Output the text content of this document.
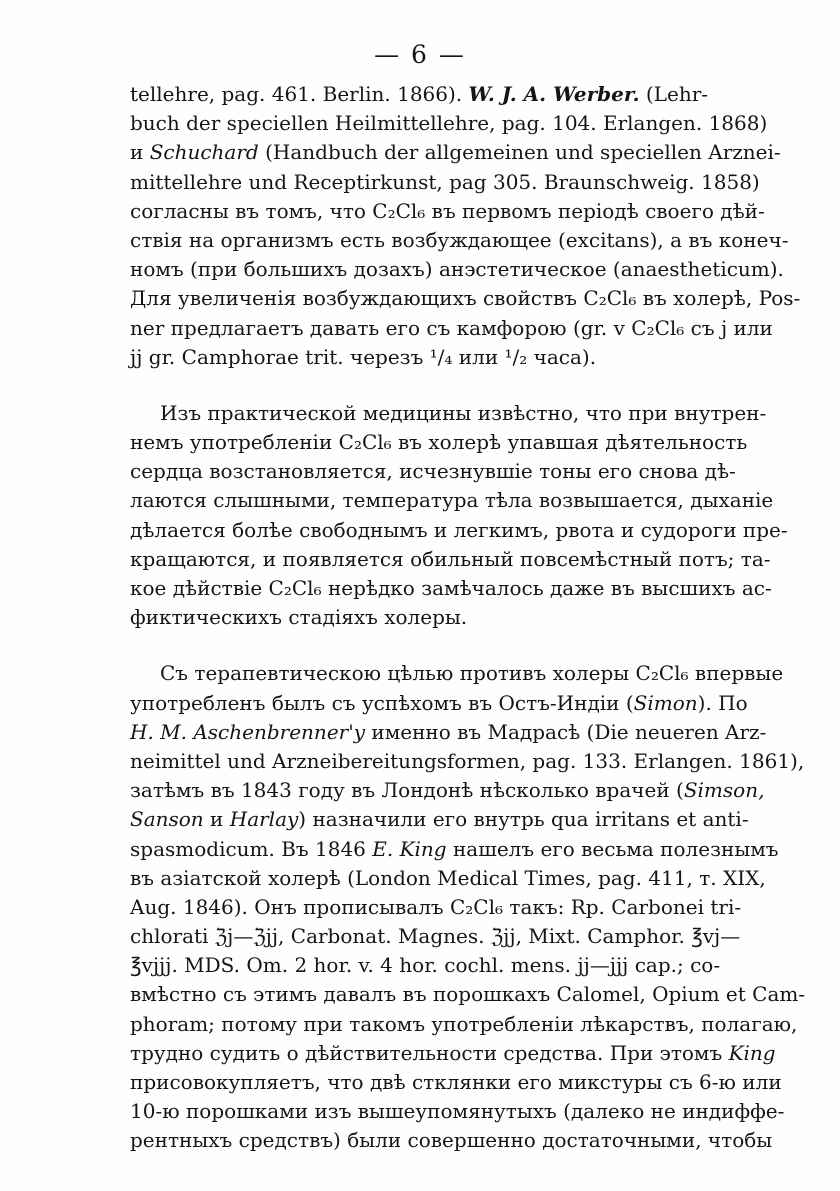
— 6 —
tellehre, pag. 461. Berlin. 1866). W. J. A. Werber. (Lehr-
buch der speciellen Heilmittellehre, pag. 104. Erlangen. 1868)
и Schuchard (Handbuch der allgemeinen und speciellen Arznei-
mittellehre und Receptirkunst, pag 305. Braunschweig. 1858)
согласны въ томъ, что C₂Cl₆ въ первомъ періодѣ своего дѣй-
ствія на организмъ есть возбуждающее (excitans), а въ конеч-
номъ (при большихъ дозахъ) анэстетическое (anaestheticum).
Для увеличенія возбуждающихъ свойствъ C₂Cl₆ въ холерѣ, Pos-
ner предлагаетъ давать его съ камфорою (gr. v C₂Cl₆ съ j или
jj gr. Camphorae trit. черезъ ¹/₄ или ¹/₂ часа).
Изъ практической медицины извѣстно, что при внутрен-
немъ употребленіи C₂Cl₆ въ холерѣ упавшая дѣятельность
сердца возстановляется, исчезнувшіе тоны его снова дѣ-
лаются слышными, температура тѣла возвышается, дыханіе
дѣлается болѣе свободнымъ и легкимъ, рвота и судороги пре-
кращаются, и появляется обильный повсемѣстный потъ; та-
кое дѣйствіе C₂Cl₆ нерѣдко замѣчалось даже въ высшихъ ас-
фиктическихъ стадіяхъ холеры.
Съ терапевтическою цѣлью противъ холеры C₂Cl₆ впервые
употребленъ былъ съ успѣхомъ въ Остъ-Индіи (Simon). По
H. M. Aschenbrenner'y именно въ Мадрасѣ (Die neueren Arz-
neimittel und Arzneibereitungsformen, pag. 133. Erlangen. 1861),
затѣмъ въ 1843 году въ Лондонѣ нѣсколько врачей (Simson,
Sanson и Harlay) назначили его внутрь qua irritans et anti-
spasmodicum. Въ 1846 E. King нашелъ его весьма полезнымъ
въ азіатской холерѣ (London Medical Times, pag. 411, т. XIX,
Aug. 1846). Онъ прописывалъ C₂Cl₆ такъ: Rp. Carbonei tri-
chlorati ℨj—ℨjj, Carbonat. Magnes. ℨjj, Mixt. Camphor. ℥vj—
℥vjjj. MDS. Om. 2 hor. v. 4 hor. cochl. mens. jj—jjj cap.; со-
вмѣстно съ этимъ давалъ въ порошкахъ Calomel, Opium et Cam-
phoram; потому при такомъ употребленіи лѣкарствъ, полагаю,
трудно судить о дѣйствительности средства. При этомъ King
присовокупляетъ, что двѣ стклянки его микстуры съ 6-ю или
10-ю порошками изъ вышеупомянутыхъ (далеко не индиффе-
рентныхъ средствъ) были совершенно достаточными, чтобы
